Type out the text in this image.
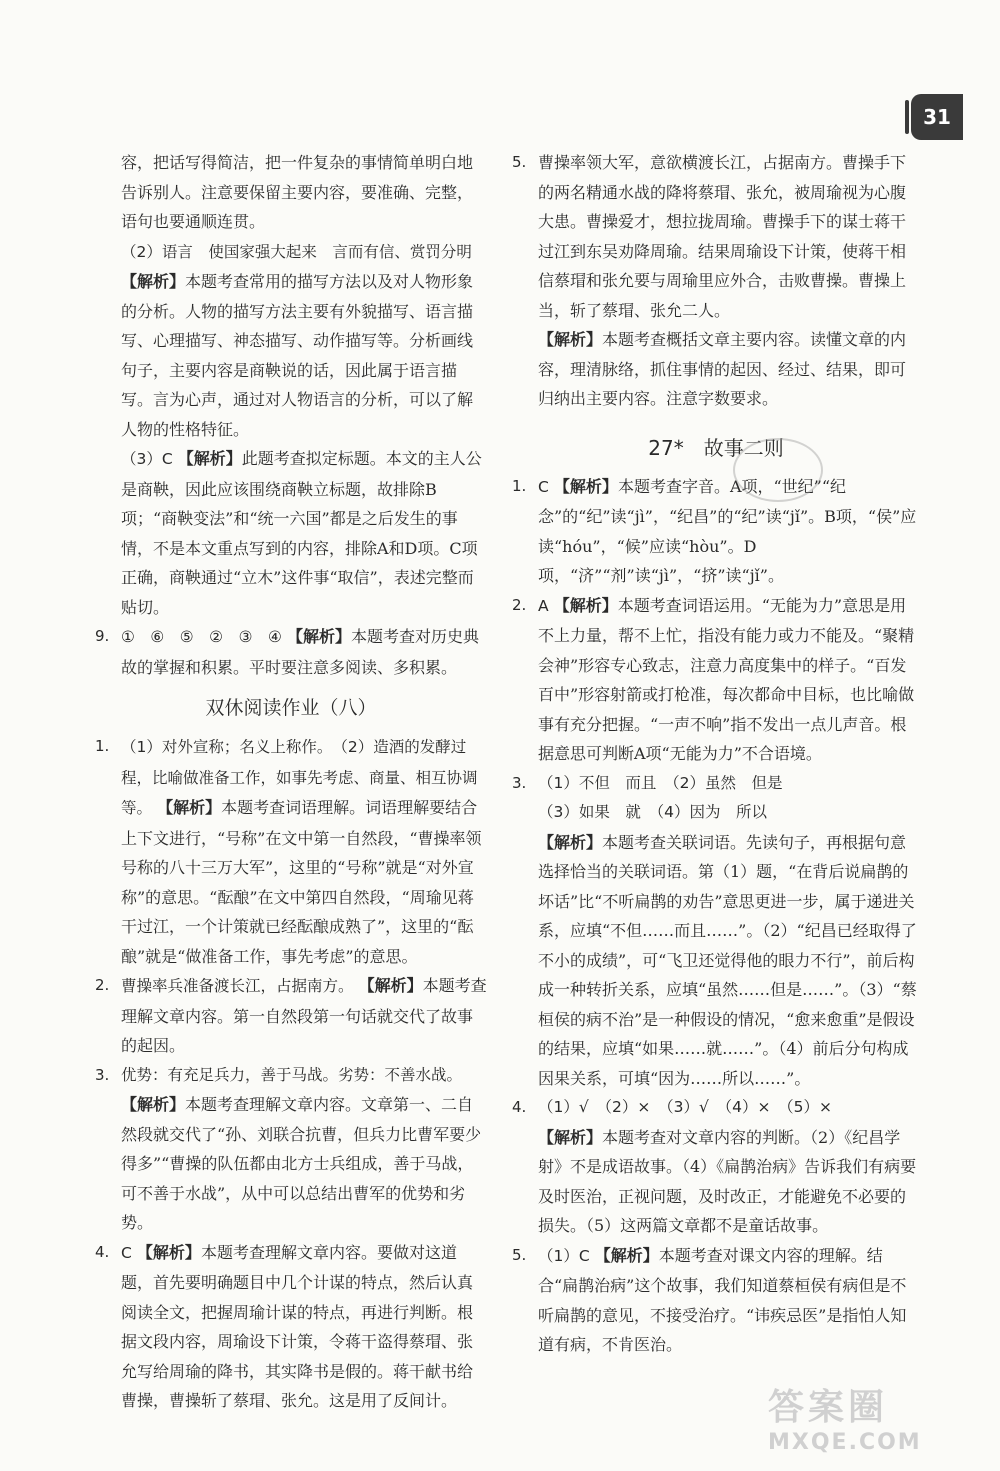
31

容，把话写得简洁，把一件复杂的事情简单明白地告诉别人。注意要保留主要内容，要准确、完整，语句也要通顺连贯。

（2）语言　使国家强大起来　言而有信、赏罚分明 【解析】本题考查常用的描写方法以及对人物形象的分析。人物的描写方法主要有外貌描写、语言描写、心理描写、神态描写、动作描写等。分析画线句子，主要内容是商鞅说的话，因此属于语言描写。言为心声，通过对人物语言的分析，可以了解人物的性格特征。

（3）C 【解析】此题考查拟定标题。本文的主人公是商鞅，因此应该围绕商鞅立标题，故排除B项；“商鞅变法”和“统一六国”都是之后发生的事情，不是本文重点写到的内容，排除A和D项。C项正确，商鞅通过“立木”这件事“取信”，表述完整而贴切。

9. ①　⑥　⑤　②　③　④ 【解析】本题考查对历史典故的掌握和积累。平时要注意多阅读、多积累。
双休阅读作业（八）
1. （1）对外宣称；名义上称作。　（2）造酒的发酵过程，比喻做准备工作，如事先考虑、商量、相互协调等。 【解析】本题考查词语理解。词语理解要结合上下文进行，“号称”在文中第一自然段，“曹操率领号称的八十三万大军”，这里的“号称”就是“对外宣称”的意思。“酝酿”在文中第四自然段，“周瑜见蒋干过江，一个计策就已经酝酿成熟了”，这里的“酝酿”就是“做准备工作，事先考虑”的意思。
2. 曹操率兵准备渡长江，占据南方。 【解析】本题考查理解文章内容。第一自然段第一句话就交代了故事的起因。
3. 优势：有充足兵力，善于马战。劣势：不善水战。
【解析】本题考查理解文章内容。文章第一、二自然段就交代了“孙、刘联合抗曹，但兵力比曹军要少得多”“曹操的队伍都由北方士兵组成，善于马战，可不善于水战”，从中可以总结出曹军的优势和劣势。
4. C 【解析】本题考查理解文章内容。要做对这道题，首先要明确题目中几个计谋的特点，然后认真阅读全文，把握周瑜计谋的特点，再进行判断。根据文段内容，周瑜设下计策，令蒋干盗得蔡瑁、张允写给周瑜的降书，其实降书是假的。蒋干献书给曹操，曹操斩了蔡瑁、张允。这是用了反间计。
5. 曹操率领大军，意欲横渡长江，占据南方。曹操手下的两名精通水战的降将蔡瑁、张允，被周瑜视为心腹大患。曹操爱才，想拉拢周瑜。曹操手下的谋士蒋干过江到东吴劝降周瑜。结果周瑜设下计策，使蒋干相信蔡瑁和张允要与周瑜里应外合，击败曹操。曹操上当，斩了蔡瑁、张允二人。
【解析】本题考查概括文章主要内容。读懂文章的内容，理清脉络，抓住事情的起因、经过、结果，即可归纳出主要内容。注意字数要求。
27*　故事二则
1. C 【解析】本题考查字音。A项，“世纪”“纪念”的“纪”读“jì”，“纪昌”的“纪”读“jǐ”。B项，“侯”应读“hóu”，“候”应读“hòu”。D项，“济”“剂”读“jì”，“挤”读“jǐ”。
2. A 【解析】本题考查词语运用。“无能为力”意思是用不上力量，帮不上忙，指没有能力或力不能及。“聚精会神”形容专心致志，注意力高度集中的样子。“百发百中”形容射箭或打枪准，每次都命中目标，也比喻做事有充分把握。“一声不响”指不发出一点儿声音。根据意思可判断A项“无能为力”不合语境。
3. （1）不但　而且　（2）虽然　但是
（3）如果　就　（4）因为　所以
【解析】本题考查关联词语。先读句子，再根据句意选择恰当的关联词语。第（1）题，“在背后说扁鹊的坏话”比“不听扁鹊的劝告”意思更进一步，属于递进关系，应填“不但……而且……”。（2）“纪昌已经取得了不小的成绩”，可“飞卫还觉得他的眼力不行”，前后构成一种转折关系，应填“虽然……但是……”。（3）“蔡桓侯的病不治”是一种假设的情况，“愈来愈重”是假设的结果，应填“如果……就……”。（4）前后分句构成因果关系，可填“因为……所以……”。
4. （1）√　（2）×　（3）√　（4）×　（5）×
【解析】本题考查对文章内容的判断。（2）《纪昌学射》不是成语故事。（4）《扁鹊治病》告诉我们有病要及时医治，正视问题，及时改正，才能避免不必要的损失。（5）这两篇文章都不是童话故事。
5. （1）C 【解析】本题考查对课文内容的理解。结合“扁鹊治病”这个故事，我们知道蔡桓侯有病但是不听扁鹊的意见，不接受治疗。“讳疾忌医”是指怕人知道有病，不肯医治。
答案圈
MXQE.COM
